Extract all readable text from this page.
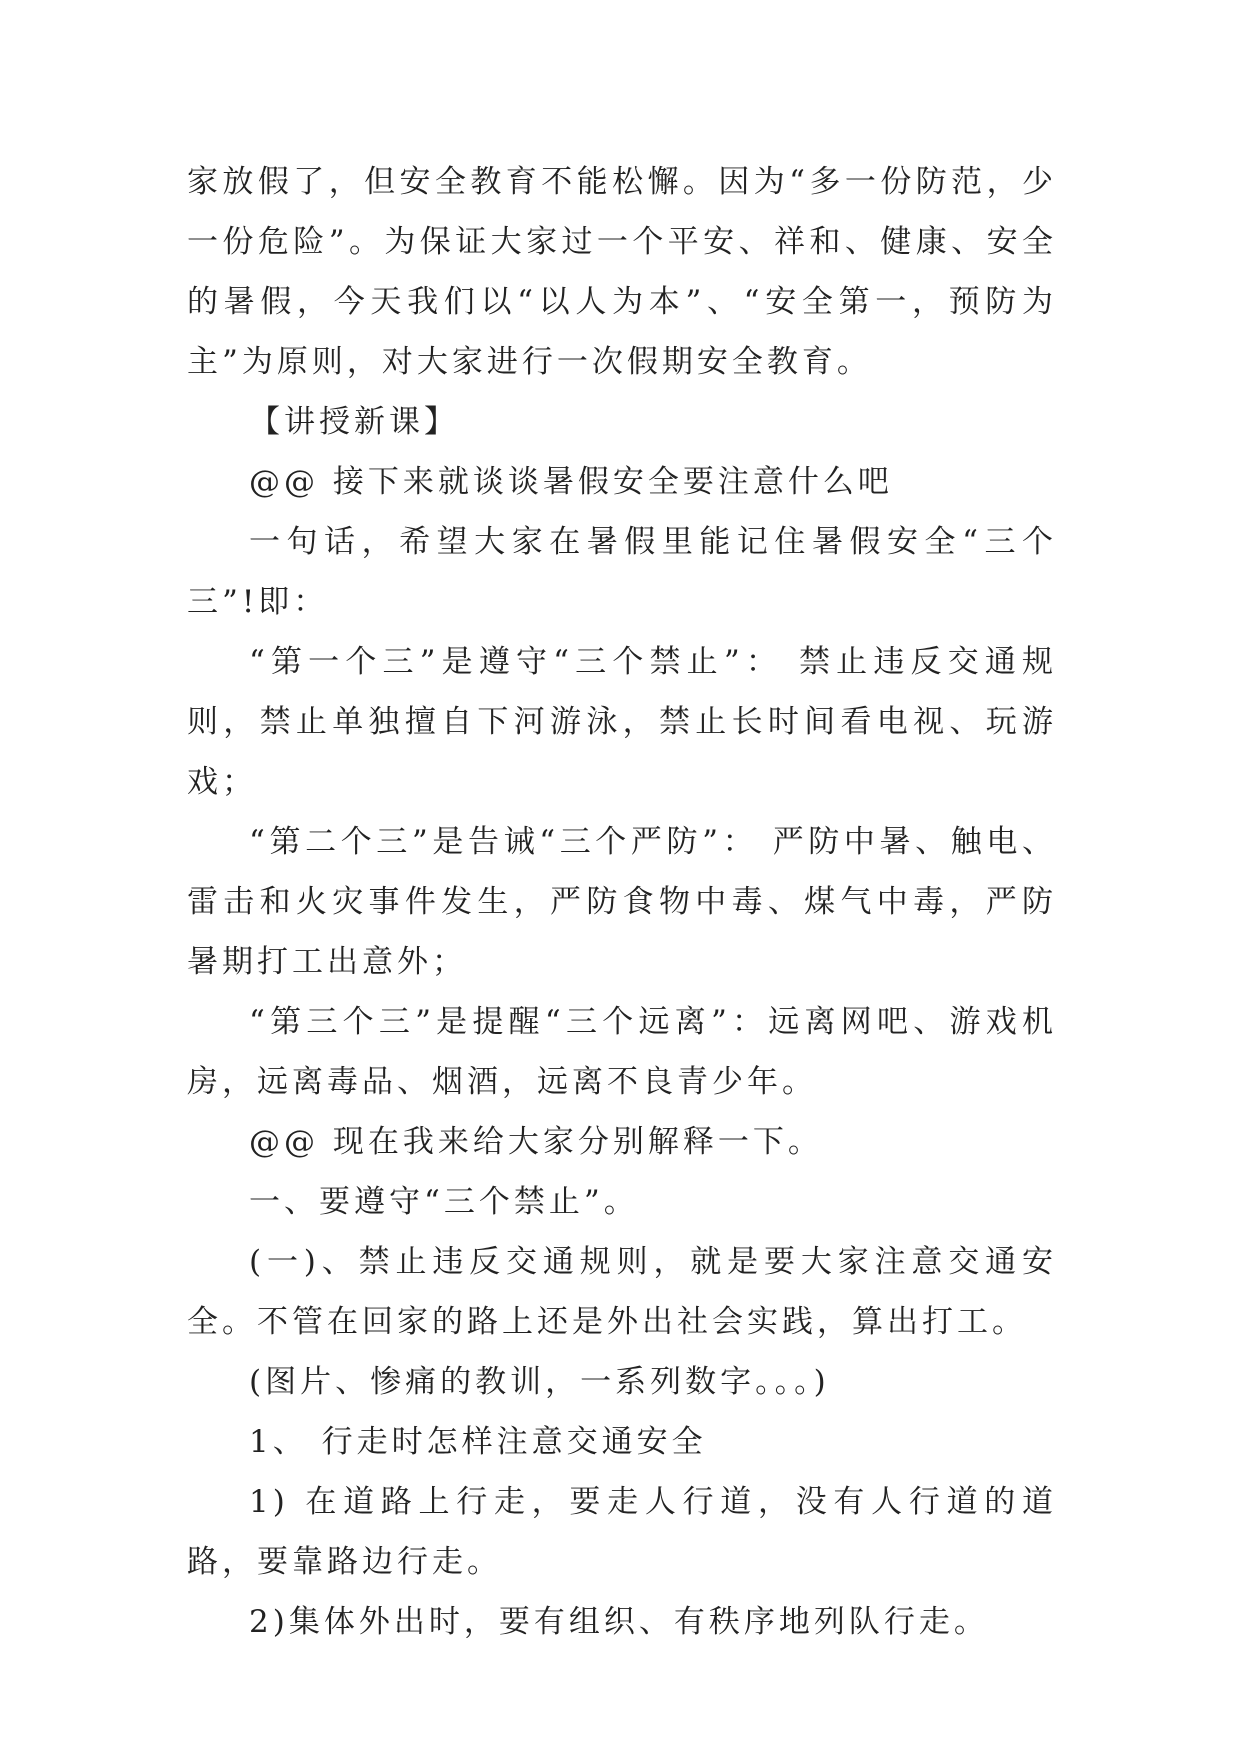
家放假了，但安全教育不能松懈。因为“多一份防范，少一份危险”。为保证大家过一个平安、祥和、健康、安全的暑假，今天我们以“以人为本”、“安全第一，预防为主”为原则，对大家进行一次假期安全教育。

【讲授新课】

@@ 接下来就谈谈暑假安全要注意什么吧

一句话，希望大家在暑假里能记住暑假安全“三个三”!即：

“第一个三”是遵守“三个禁止”： 禁止违反交通规则，禁止单独擅自下河游泳，禁止长时间看电视、玩游戏；

“第二个三”是告诫“三个严防”： 严防中暑、触电、雷击和火灾事件发生，严防食物中毒、煤气中毒，严防暑期打工出意外；

“第三个三”是提醒“三个远离”：远离网吧、游戏机房，远离毒品、烟酒，远离不良青少年。

@@ 现在我来给大家分别解释一下。

一、要遵守“三个禁止”。

(一)、禁止违反交通规则，就是要大家注意交通安全。不管在回家的路上还是外出社会实践，算出打工。

(图片、惨痛的教训，一系列数字。。。)

1、 行走时怎样注意交通安全

1) 在道路上行走，要走人行道，没有人行道的道路，要靠路边行走。

2)集体外出时，要有组织、有秩序地列队行走。
